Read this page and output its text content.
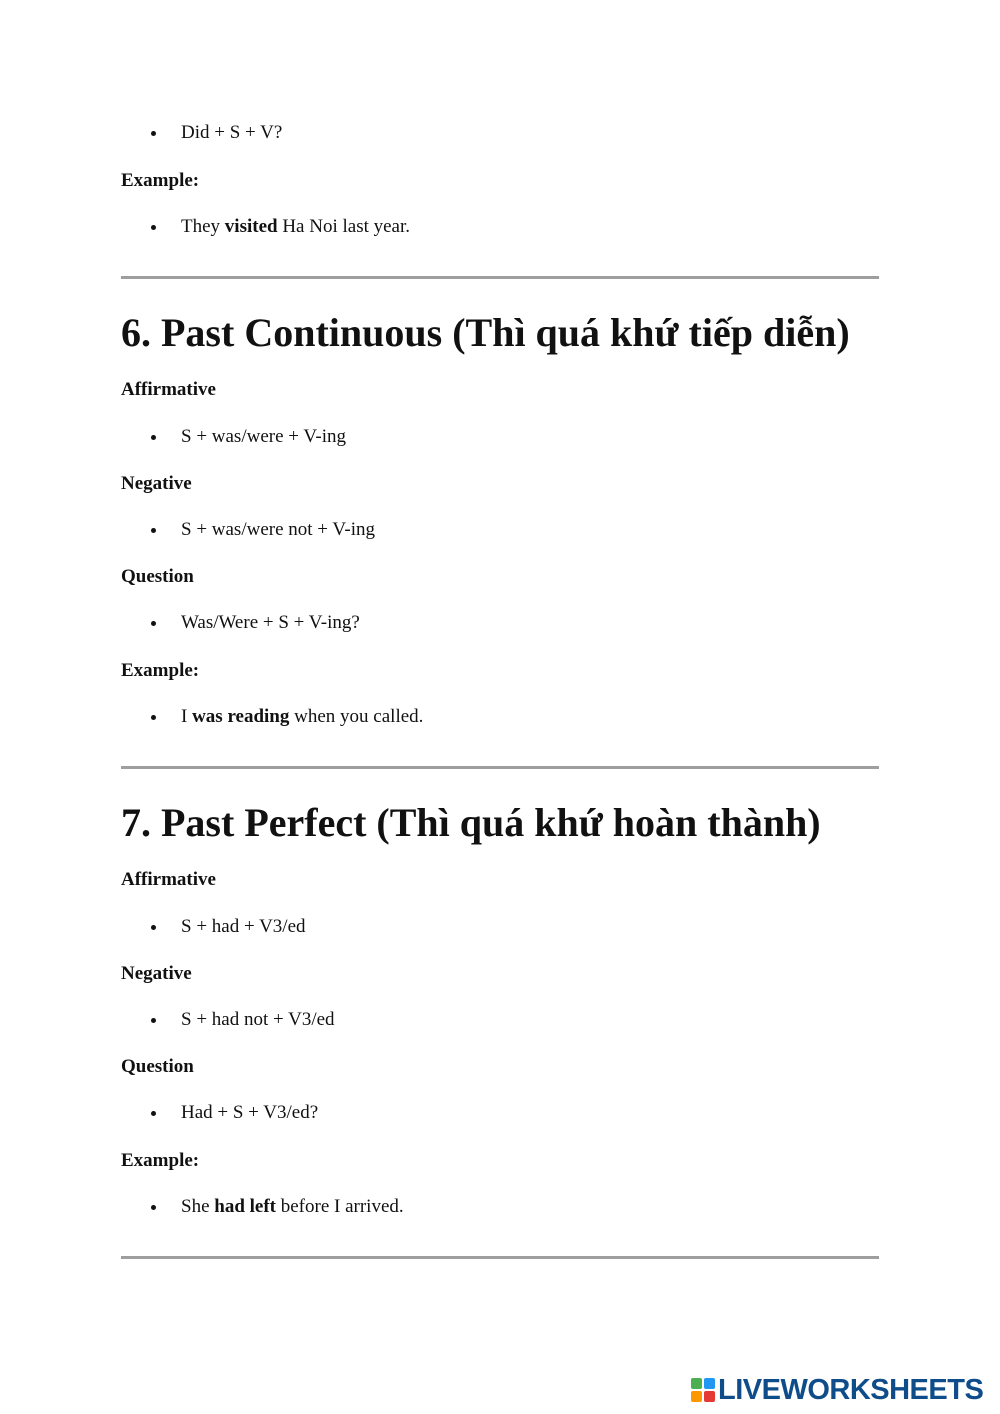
Did + S + V?
Example:
They visited Ha Noi last year.
6. Past Continuous (Thì quá khứ tiếp diễn)
Affirmative
S + was/were + V-ing
Negative
S + was/were not + V-ing
Question
Was/Were + S + V-ing?
Example:
I was reading when you called.
7. Past Perfect (Thì quá khứ hoàn thành)
Affirmative
S + had + V3/ed
Negative
S + had not + V3/ed
Question
Had + S + V3/ed?
Example:
She had left before I arrived.
LIVEWORKSHEETS
